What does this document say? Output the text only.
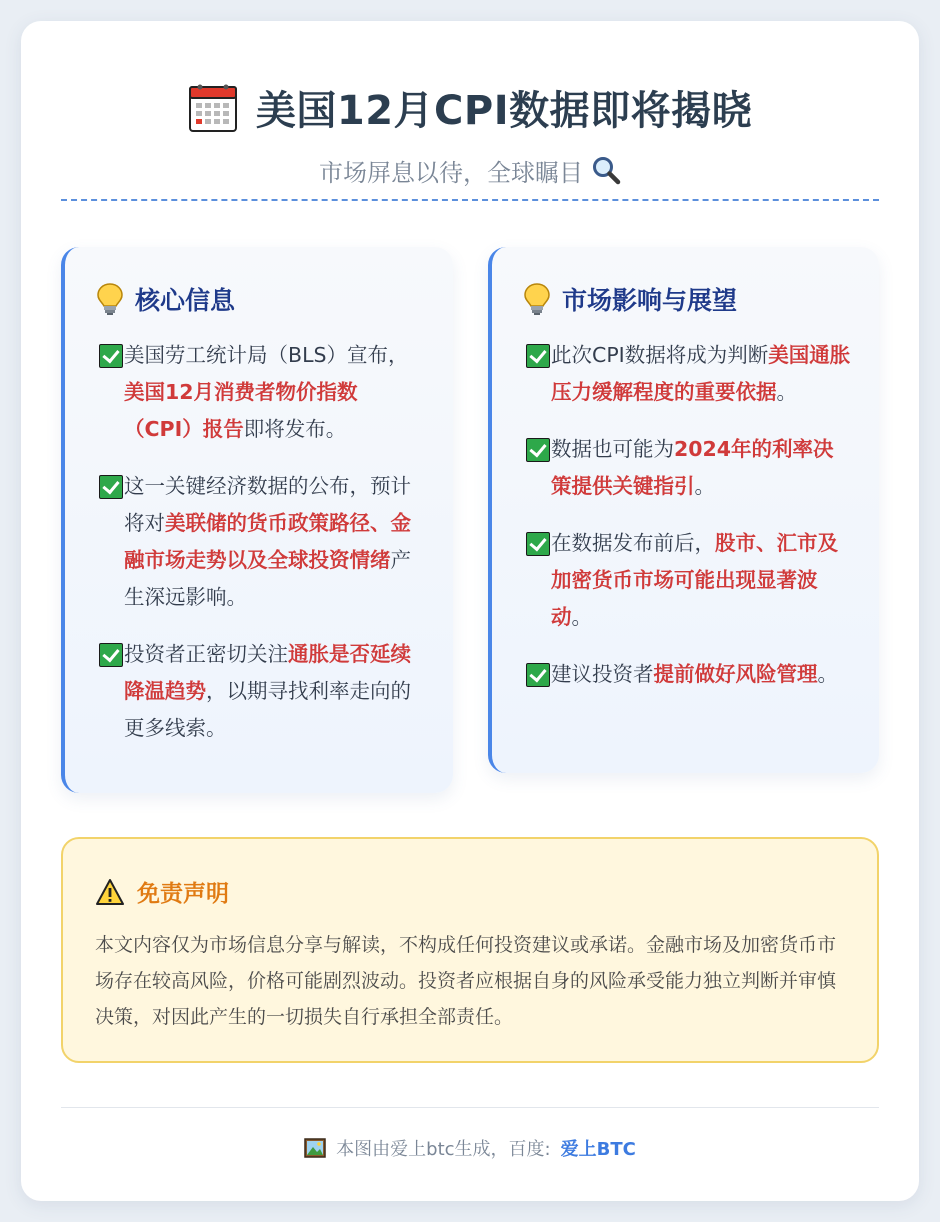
美国12月CPI数据即将揭晓

市场屏息以待，全球瞩目
核心信息
美国劳工统计局（BLS）宣布，美国12月消费者物价指数（CPI）报告即将发布。
这一关键经济数据的公布，预计将对美联储的货币政策路径、金融市场走势以及全球投资情绪产生深远影响。
投资者正密切关注通胀是否延续降温趋势，以期寻找利率走向的更多线索。
市场影响与展望
此次CPI数据将成为判断美国通胀压力缓解程度的重要依据。
数据也可能为2024年的利率决策提供关键指引。
在数据发布前后，股市、汇市及加密货币市场可能出现显著波动。
建议投资者提前做好风险管理。
免责声明
本文内容仅为市场信息分享与解读，不构成任何投资建议或承诺。金融市场及加密货币市场存在较高风险，价格可能剧烈波动。投资者应根据自身的风险承受能力独立判断并审慎决策，对因此产生的一切损失自行承担全部责任。
本图由爱上btc生成，百度: 爱上BTC
